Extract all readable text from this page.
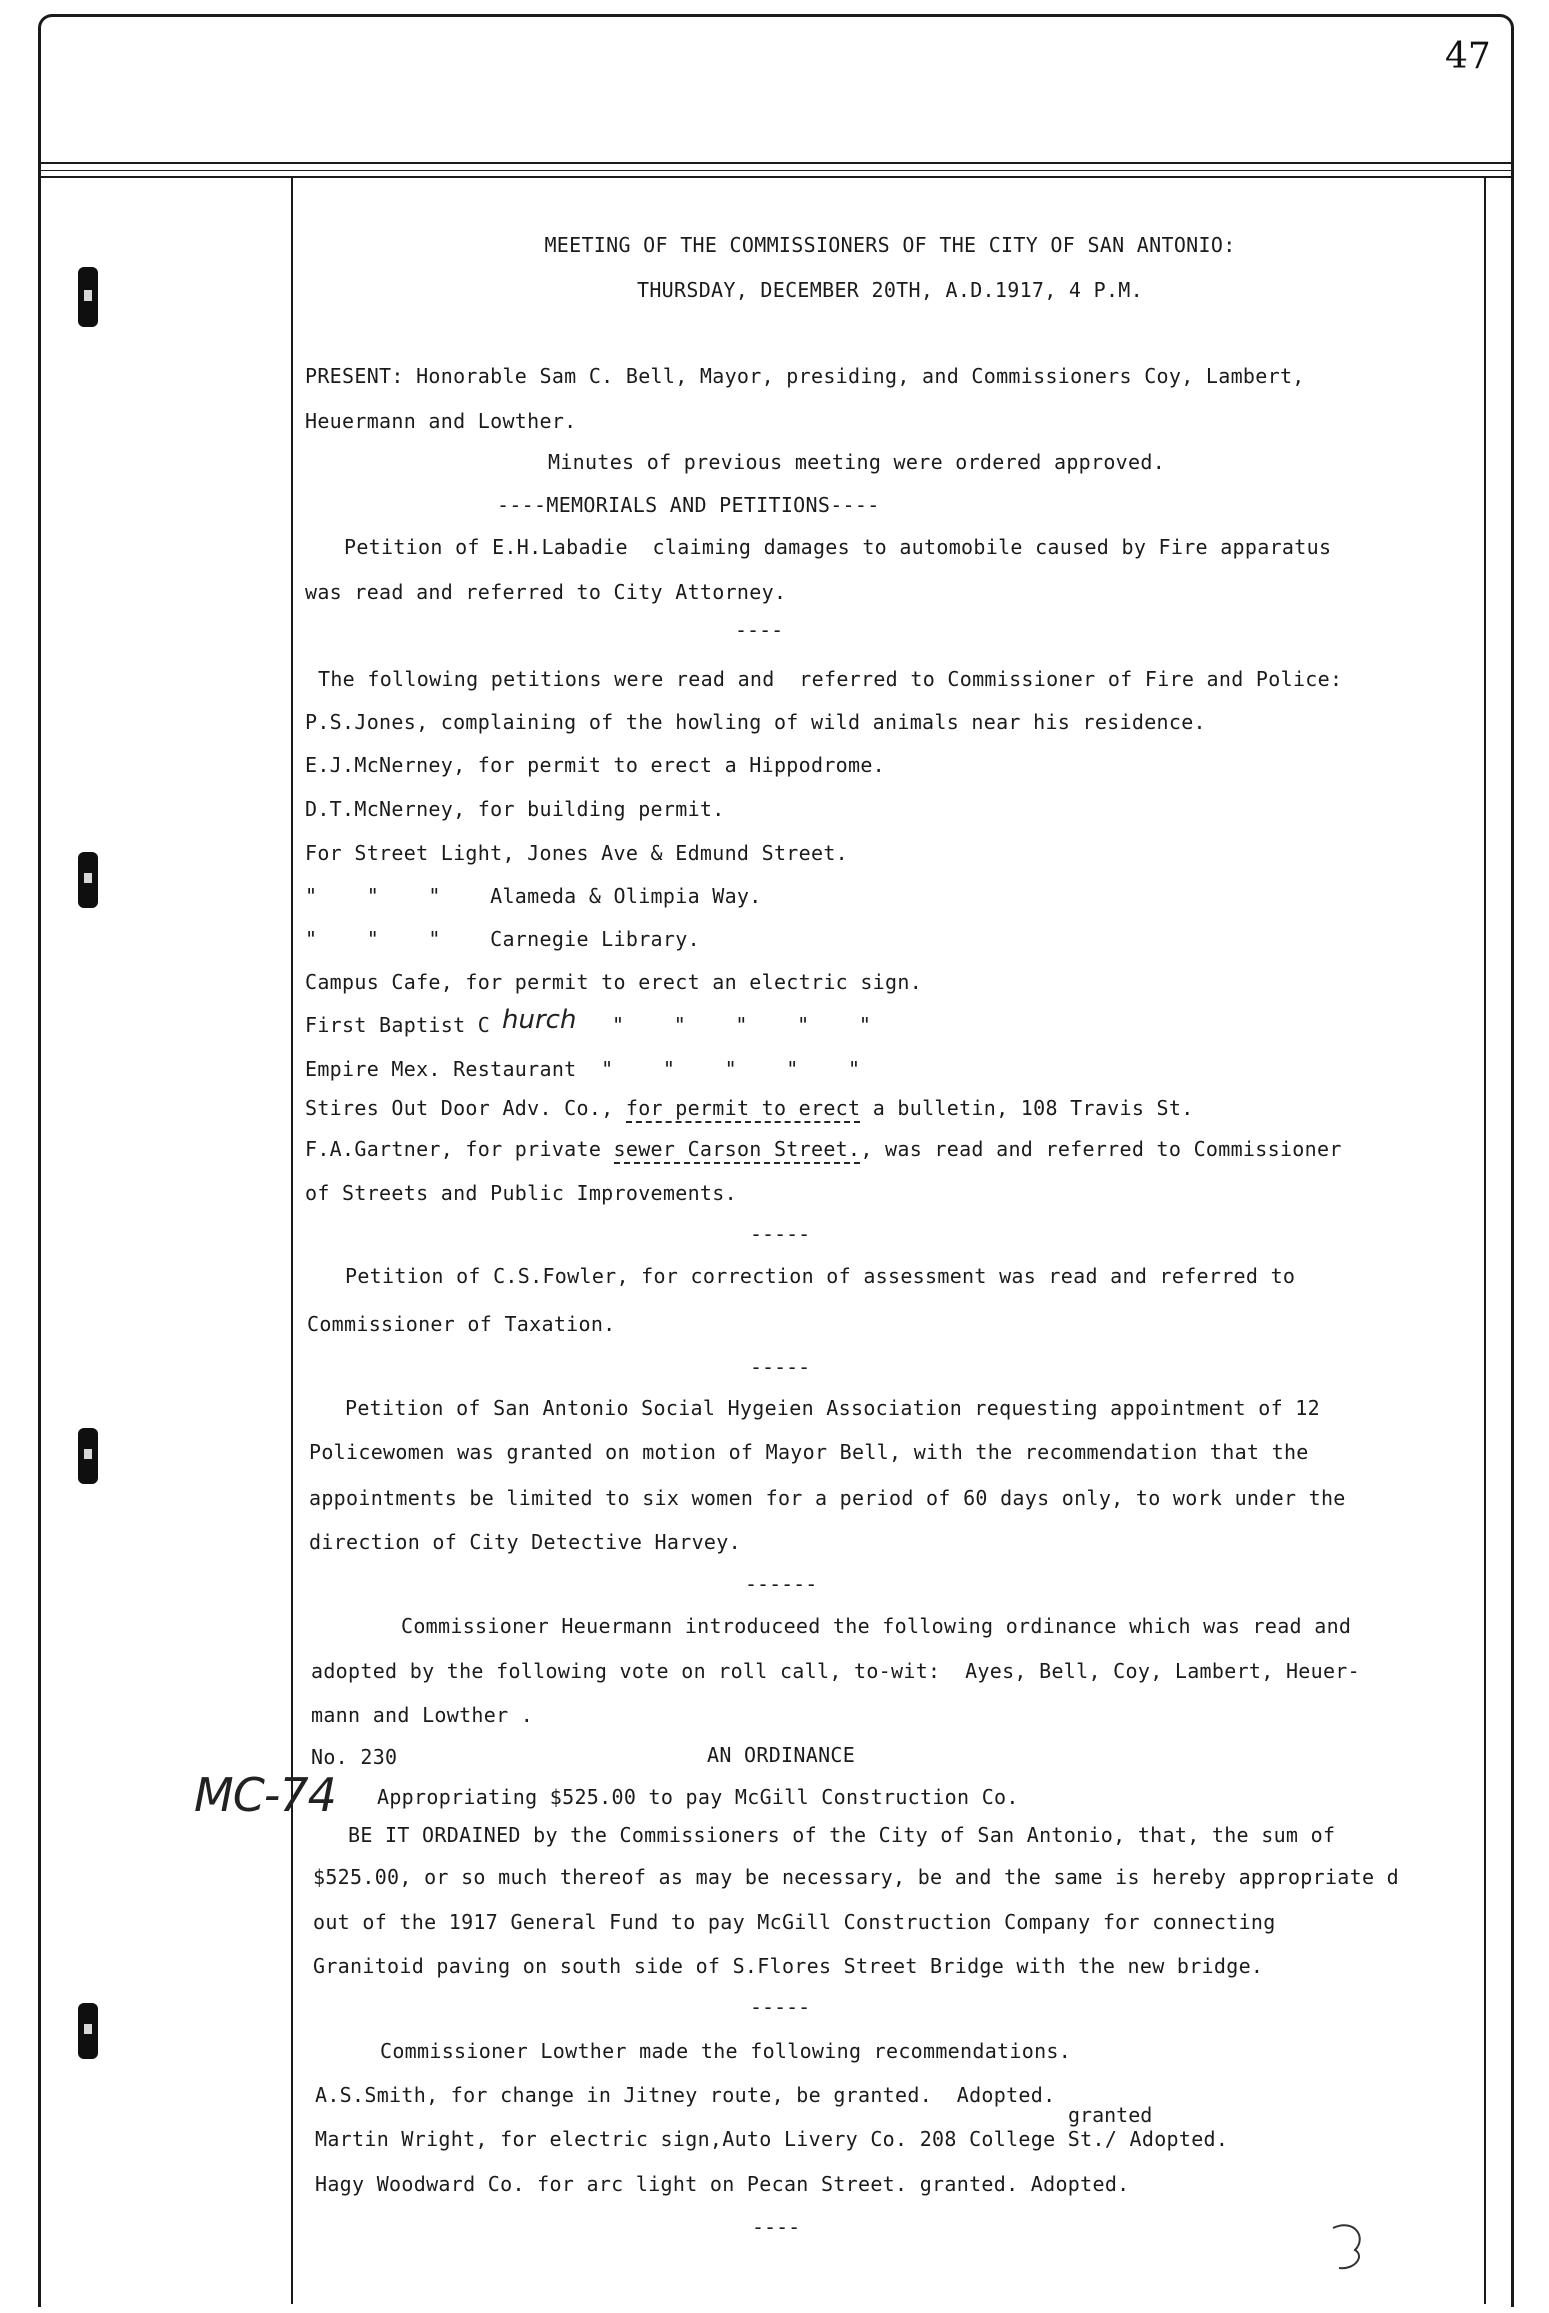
47
MEETING OF THE COMMISSIONERS OF THE CITY OF SAN ANTONIO:
THURSDAY, DECEMBER 20TH, A.D.1917, 4 P.M.
PRESENT: Honorable Sam C. Bell, Mayor, presiding, and Commissioners Coy, Lambert,
Heuermann and Lowther.
Minutes of previous meeting were ordered approved.
----MEMORIALS AND PETITIONS----
Petition of E.H.Labadie  claiming damages to automobile caused by Fire apparatus
was read and referred to City Attorney.
----
The following petitions were read and  referred to Commissioner of Fire and Police:
P.S.Jones, complaining of the howling of wild animals near his residence.
E.J.McNerney, for permit to erect a Hippodrome.
D.T.McNerney, for building permit.
For Street Light, Jones Ave & Edmund Street.
"    "    "    Alameda & Olimpia Way.
"    "    "    Carnegie Library.
Campus Cafe, for permit to erect an electric sign.
First Baptist C hurch "    "    "    "    "
Empire Mex. Restaurant  "    "    "    "    "
Stires Out Door Adv. Co., for permit to erect a bulletin, 108 Travis St.
F.A.Gartner, for private sewer Carson Street., was read and referred to Commissioner
of Streets and Public Improvements.
-----
Petition of C.S.Fowler, for correction of assessment was read and referred to
Commissioner of Taxation.
-----
Petition of San Antonio Social Hygeien Association requesting appointment of 12
Policewomen was granted on motion of Mayor Bell, with the recommendation that the
appointments be limited to six women for a period of 60 days only, to work under the
direction of City Detective Harvey.
------
Commissioner Heuermann introduceed the following ordinance which was read and
adopted by the following vote on roll call, to-wit:  Ayes, Bell, Coy, Lambert, Heuer-
mann and Lowther .
No. 230	AN ORDINANCE
MC-74 Appropriating $525.00 to pay McGill Construction Co.
BE IT ORDAINED by the Commissioners of the City of San Antonio, that, the sum of
$525.00, or so much thereof as may be necessary, be and the same is hereby appropriate d
out of the 1917 General Fund to pay McGill Construction Company for connecting
Granitoid paving on south side of S.Flores Street Bridge with the new bridge.
-----
Commissioner Lowther made the following recommendations.
A.S.Smith, for change in Jitney route, be granted.  Adopted.
granted
Martin Wright, for electric sign,Auto Livery Co. 208 College St./ Adopted.
Hagy Woodward Co. for arc light on Pecan Street. granted. Adopted.
----
